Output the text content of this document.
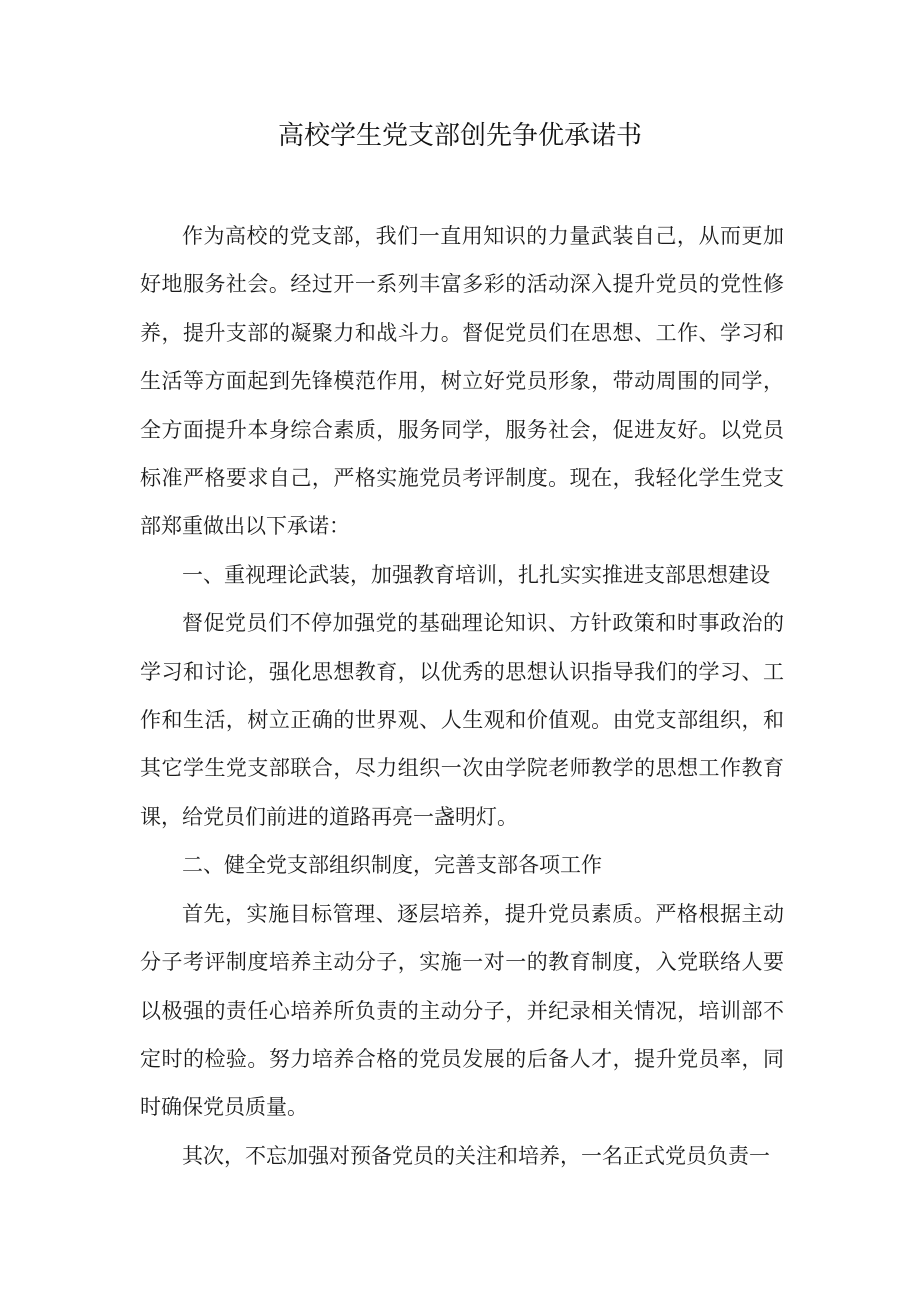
高校学生党支部创先争优承诺书

作为高校的党支部，我们一直用知识的力量武装自己，从而更加好地服务社会。经过开一系列丰富多彩的活动深入提升党员的党性修养，提升支部的凝聚力和战斗力。督促党员们在思想、工作、学习和生活等方面起到先锋模范作用，树立好党员形象，带动周围的同学，全方面提升本身综合素质，服务同学，服务社会，促进友好。以党员标准严格要求自己，严格实施党员考评制度。现在，我轻化学生党支部郑重做出以下承诺：

一、重视理论武装，加强教育培训，扎扎实实推进支部思想建设

督促党员们不停加强党的基础理论知识、方针政策和时事政治的学习和讨论，强化思想教育，以优秀的思想认识指导我们的学习、工作和生活，树立正确的世界观、人生观和价值观。由党支部组织，和其它学生党支部联合，尽力组织一次由学院老师教学的思想工作教育课，给党员们前进的道路再亮一盏明灯。

二、健全党支部组织制度，完善支部各项工作

首先，实施目标管理、逐层培养，提升党员素质。严格根据主动分子考评制度培养主动分子，实施一对一的教育制度，入党联络人要以极强的责任心培养所负责的主动分子，并纪录相关情况，培训部不定时的检验。努力培养合格的党员发展的后备人才，提升党员率，同时确保党员质量。

其次，不忘加强对预备党员的关注和培养，一名正式党员负责一
